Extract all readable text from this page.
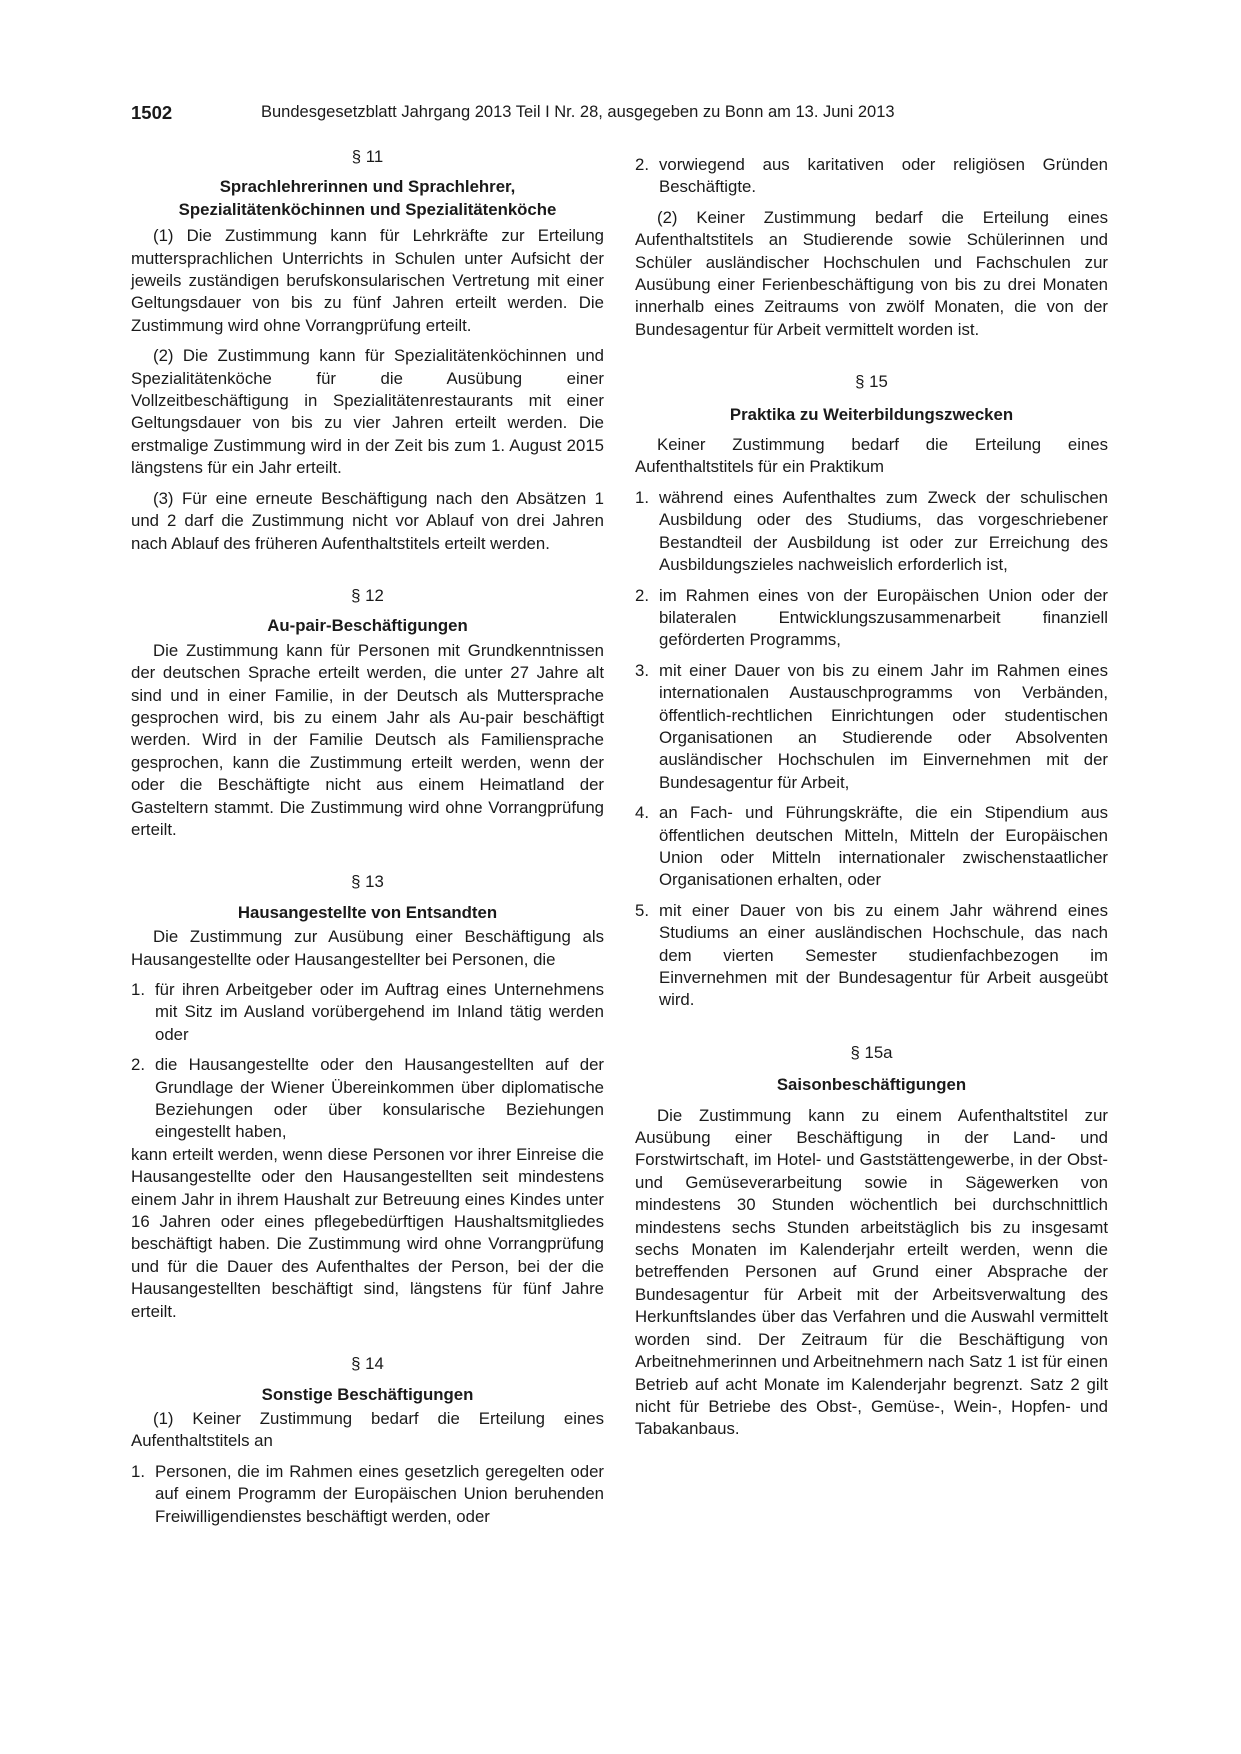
1502	Bundesgesetzblatt Jahrgang 2013 Teil I Nr. 28, ausgegeben zu Bonn am 13. Juni 2013

§ 11

Sprachlehrerinnen und Sprachlehrer,

Spezialitätenköchinnen und Spezialitätenköche

(1) Die Zustimmung kann für Lehrkräfte zur Erteilung muttersprachlichen Unterrichts in Schulen unter Aufsicht der jeweils zuständigen berufskonsularischen Vertretung mit einer Geltungsdauer von bis zu fünf Jahren erteilt werden. Die Zustimmung wird ohne Vorrangprüfung erteilt.

(2) Die Zustimmung kann für Spezialitätenköchinnen und Spezialitätenköche für die Ausübung einer Vollzeitbeschäftigung in Spezialitätenrestaurants mit einer Geltungsdauer von bis zu vier Jahren erteilt werden. Die erstmalige Zustimmung wird in der Zeit bis zum 1. August 2015 längstens für ein Jahr erteilt.

(3) Für eine erneute Beschäftigung nach den Absätzen 1 und 2 darf die Zustimmung nicht vor Ablauf von drei Jahren nach Ablauf des früheren Aufenthaltstitels erteilt werden.

§ 12

Au-pair-Beschäftigungen

Die Zustimmung kann für Personen mit Grundkenntnissen der deutschen Sprache erteilt werden, die unter 27 Jahre alt sind und in einer Familie, in der Deutsch als Muttersprache gesprochen wird, bis zu einem Jahr als Au-pair beschäftigt werden. Wird in der Familie Deutsch als Familiensprache gesprochen, kann die Zustimmung erteilt werden, wenn der oder die Beschäftigte nicht aus einem Heimatland der Gasteltern stammt. Die Zustimmung wird ohne Vorrangprüfung erteilt.

§ 13

Hausangestellte von Entsandten

Die Zustimmung zur Ausübung einer Beschäftigung als Hausangestellte oder Hausangestellter bei Personen, die

1. für ihren Arbeitgeber oder im Auftrag eines Unternehmens mit Sitz im Ausland vorübergehend im Inland tätig werden oder
2. die Hausangestellte oder den Hausangestellten auf der Grundlage der Wiener Übereinkommen über diplomatische Beziehungen oder über konsularische Beziehungen eingestellt haben,

kann erteilt werden, wenn diese Personen vor ihrer Einreise die Hausangestellte oder den Hausangestellten seit mindestens einem Jahr in ihrem Haushalt zur Betreuung eines Kindes unter 16 Jahren oder eines pflegebedürftigen Haushaltsmitgliedes beschäftigt haben. Die Zustimmung wird ohne Vorrangprüfung und für die Dauer des Aufenthaltes der Person, bei der die Hausangestellten beschäftigt sind, längstens für fünf Jahre erteilt.

§ 14

Sonstige Beschäftigungen

(1) Keiner Zustimmung bedarf die Erteilung eines Aufenthaltstitels an

1. Personen, die im Rahmen eines gesetzlich geregelten oder auf einem Programm der Europäischen Union beruhenden Freiwilligendienstes beschäftigt werden, oder
2. vorwiegend aus karitativen oder religiösen Gründen Beschäftigte.

(2) Keiner Zustimmung bedarf die Erteilung eines Aufenthaltstitels an Studierende sowie Schülerinnen und Schüler ausländischer Hochschulen und Fachschulen zur Ausübung einer Ferienbeschäftigung von bis zu drei Monaten innerhalb eines Zeitraums von zwölf Monaten, die von der Bundesagentur für Arbeit vermittelt worden ist.

§ 15

Praktika zu Weiterbildungszwecken

Keiner Zustimmung bedarf die Erteilung eines Aufenthaltstitels für ein Praktikum

1. während eines Aufenthaltes zum Zweck der schulischen Ausbildung oder des Studiums, das vorgeschriebener Bestandteil der Ausbildung ist oder zur Erreichung des Ausbildungszieles nachweislich erforderlich ist,
2. im Rahmen eines von der Europäischen Union oder der bilateralen Entwicklungszusammenarbeit finanziell geförderten Programms,
3. mit einer Dauer von bis zu einem Jahr im Rahmen eines internationalen Austauschprogramms von Verbänden, öffentlich-rechtlichen Einrichtungen oder studentischen Organisationen an Studierende oder Absolventen ausländischer Hochschulen im Einvernehmen mit der Bundesagentur für Arbeit,
4. an Fach- und Führungskräfte, die ein Stipendium aus öffentlichen deutschen Mitteln, Mitteln der Europäischen Union oder Mitteln internationaler zwischenstaatlicher Organisationen erhalten, oder
5. mit einer Dauer von bis zu einem Jahr während eines Studiums an einer ausländischen Hochschule, das nach dem vierten Semester studienfachbezogen im Einvernehmen mit der Bundesagentur für Arbeit ausgeübt wird.

§ 15a

Saisonbeschäftigungen

Die Zustimmung kann zu einem Aufenthaltstitel zur Ausübung einer Beschäftigung in der Land- und Forstwirtschaft, im Hotel- und Gaststättengewerbe, in der Obst- und Gemüseverarbeitung sowie in Sägewerken von mindestens 30 Stunden wöchentlich bei durchschnittlich mindestens sechs Stunden arbeitstäglich bis zu insgesamt sechs Monaten im Kalenderjahr erteilt werden, wenn die betreffenden Personen auf Grund einer Absprache der Bundesagentur für Arbeit mit der Arbeitsverwaltung des Herkunftslandes über das Verfahren und die Auswahl vermittelt worden sind. Der Zeitraum für die Beschäftigung von Arbeitnehmerinnen und Arbeitnehmern nach Satz 1 ist für einen Betrieb auf acht Monate im Kalenderjahr begrenzt. Satz 2 gilt nicht für Betriebe des Obst-, Gemüse-, Wein-, Hopfen- und Tabakanbaus.
